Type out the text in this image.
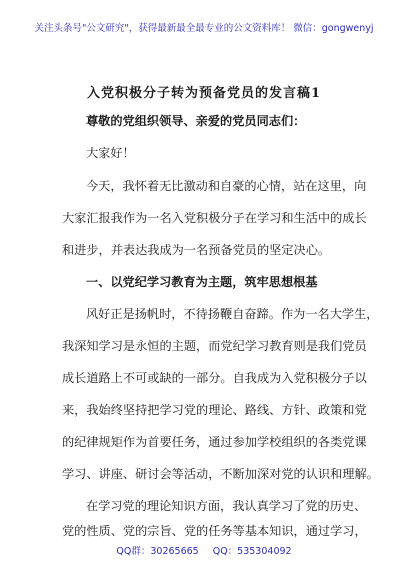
关注头条号"公文研究"，获得最新最全最专业的公文资料库！ 微信：gongwenyj
入党积极分子转为预备党员的发言稿1
尊敬的党组织领导、亲爱的党员同志们：
大家好！
今天，我怀着无比激动和自豪的心情，站在这里，向
大家汇报我作为一名入党积极分子在学习和生活中的成长
和进步，并表达我成为一名预备党员的坚定决心。
一、以党纪学习教育为主题，筑牢思想根基
风好正是扬帆时，不待扬鞭自奋蹄。作为一名大学生，
我深知学习是永恒的主题，而党纪学习教育则是我们党员
成长道路上不可或缺的一部分。自我成为入党积极分子以
来，我始终坚持把学习党的理论、路线、方针、政策和党
的纪律规矩作为首要任务，通过参加学校组织的各类党课
学习、讲座、研讨会等活动，不断加深对党的认识和理解。
在学习党的理论知识方面，我认真学习了党的历史、
QQ群：30265665 QQ：535304092
党的性质、党的宗旨、党的任务等基本知识，通过学习，
